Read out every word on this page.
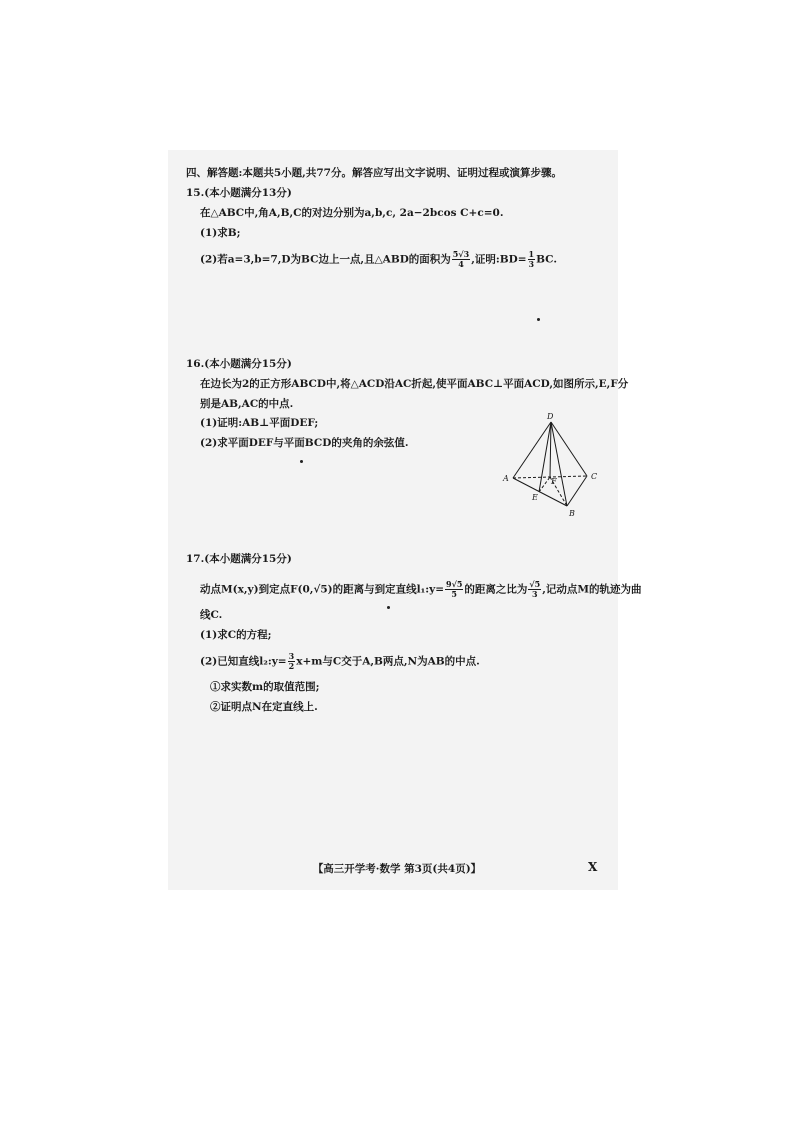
四、解答题:本题共5小题,共77分。解答应写出文字说明、证明过程或演算步骤。
15.(本小题满分13分)
在△ABC中,角A,B,C的对边分别为a,b,c, 2a−2bcos C+c=0.
(1)求B;
(2)若a=3,b=7,D为BC边上一点,且△ABD的面积为 $\frac{5√3}{4}$ ,证明:BD= $\frac{1}{3}$ BC.
16.(本小题满分15分)
在边长为2的正方形ABCD中,将△ACD沿AC折起,使平面ABC⊥平面ACD,如图所示,E,F分
别是AB,AC的中点.
(1)证明:AB⊥平面DEF;
(2)求平面DEF与平面BCD的夹角的余弦值.
D
A	C
B
E
F
17.(本小题满分15分)
动点M(x,y)到定点F(0,√5)的距离与到定直线l₁:y= $\frac{9√5}{5}$ 的距离之比为 $\frac{√5}{3}$ ,记动点M的轨迹为曲
线C.
(1)求C的方程;
(2)已知直线l₂:y= $\frac{3}{2} x+m$与C交于A,B两点,N为AB的中点.
①求实数m的取值范围;
②证明点N在定直线上.
【高三开学考·数学 第3页(共4页)】	X
